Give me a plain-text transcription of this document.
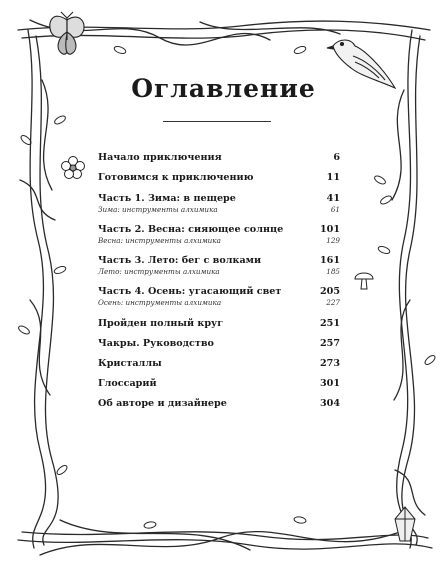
Оглавление
Начало приключения	6
Готовимся к приключению	11
Часть 1. Зима: в пещере	41
Зима: инструменты алхимика	61
Часть 2. Весна: сияющее солнце	101
Весна: инструменты алхимика	129
Часть 3. Лето: бег с волками	161
Лето: инструменты алхимика	185
Часть 4. Осень: угасающий свет	205
Осень: инструменты алхимика	227
Пройден полный круг	251
Чакры. Руководство	257
Кристаллы	273
Глоссарий	301
Об авторе и дизайнере	304
